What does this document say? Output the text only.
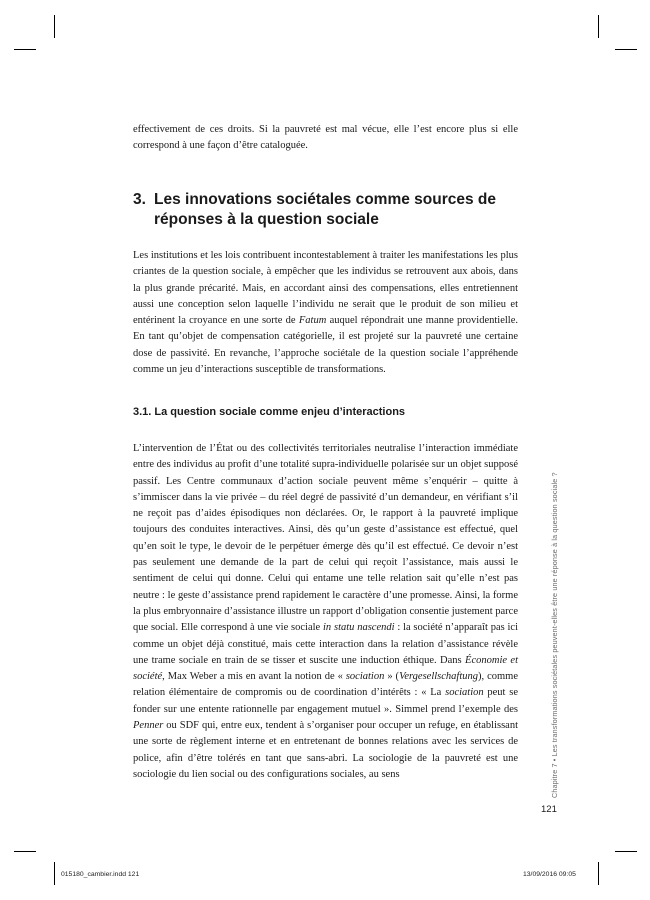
effectivement de ces droits. Si la pauvreté est mal vécue, elle l’est encore plus si elle correspond à une façon d’être cataloguée.

3. Les innovations sociétales comme sources de réponses à la question sociale

Les institutions et les lois contribuent incontestablement à traiter les manifestations les plus criantes de la question sociale, à empêcher que les individus se retrouvent aux abois, dans la plus grande précarité. Mais, en accordant ainsi des compensations, elles entretiennent aussi une conception selon laquelle l’individu ne serait que le produit de son milieu et entérinent la croyance en une sorte de Fatum auquel répondrait une manne providentielle. En tant qu’objet de compensation catégorielle, il est projeté sur la pauvreté une certaine dose de passivité. En revanche, l’approche sociétale de la question sociale l’appréhende comme un jeu d’interactions susceptible de transformations.

3.1. La question sociale comme enjeu d’interactions

L’intervention de l’État ou des collectivités territoriales neutralise l’interaction immédiate entre des individus au profit d’une totalité supra-individuelle polarisée sur un objet supposé passif. Les Centre communaux d’action sociale peuvent même s’enquérir – quitte à s’immiscer dans la vie privée – du réel degré de passivité d’un demandeur, en vérifiant s’il ne reçoit pas d’aides épisodiques non déclarées. Or, le rapport à la pauvreté implique toujours des conduites interactives. Ainsi, dès qu’un geste d’assistance est effectué, quel qu’en soit le type, le devoir de le perpétuer émerge dès qu’il est effectué. Ce devoir n’est pas seulement une demande de la part de celui qui reçoit l’assistance, mais aussi le sentiment de celui qui donne. Celui qui entame une telle relation sait qu’elle n’est pas neutre : le geste d’assistance prend rapidement le caractère d’une promesse. Ainsi, la forme la plus embryonnaire d’assistance illustre un rapport d’obligation consentie justement parce que social. Elle correspond à une vie sociale in statu nascendi : la société n’apparaît pas ici comme un objet déjà constitué, mais cette interaction dans la relation d’assistance révèle une trame sociale en train de se tisser et suscite une induction éthique. Dans Économie et société, Max Weber a mis en avant la notion de « sociation » (Vergesellschaftung), comme relation élémentaire de compromis ou de coordination d’intérêts : « La sociation peut se fonder sur une entente rationnelle par engagement mutuel ». Simmel prend l’exemple des Penner ou SDF qui, entre eux, tendent à s’organiser pour occuper un refuge, en établissant une sorte de règlement interne et en entretenant de bonnes relations avec les services de police, afin d’être tolérés en tant que sans-abri. La sociologie de la pauvreté est une sociologie du lien social ou des configurations sociales, au sens	Chapitre 7 • Les transformations sociétales peuvent-elles être une réponse à la question sociale ?
121
015180_cambier.indd 121	13/09/2016 09:05
